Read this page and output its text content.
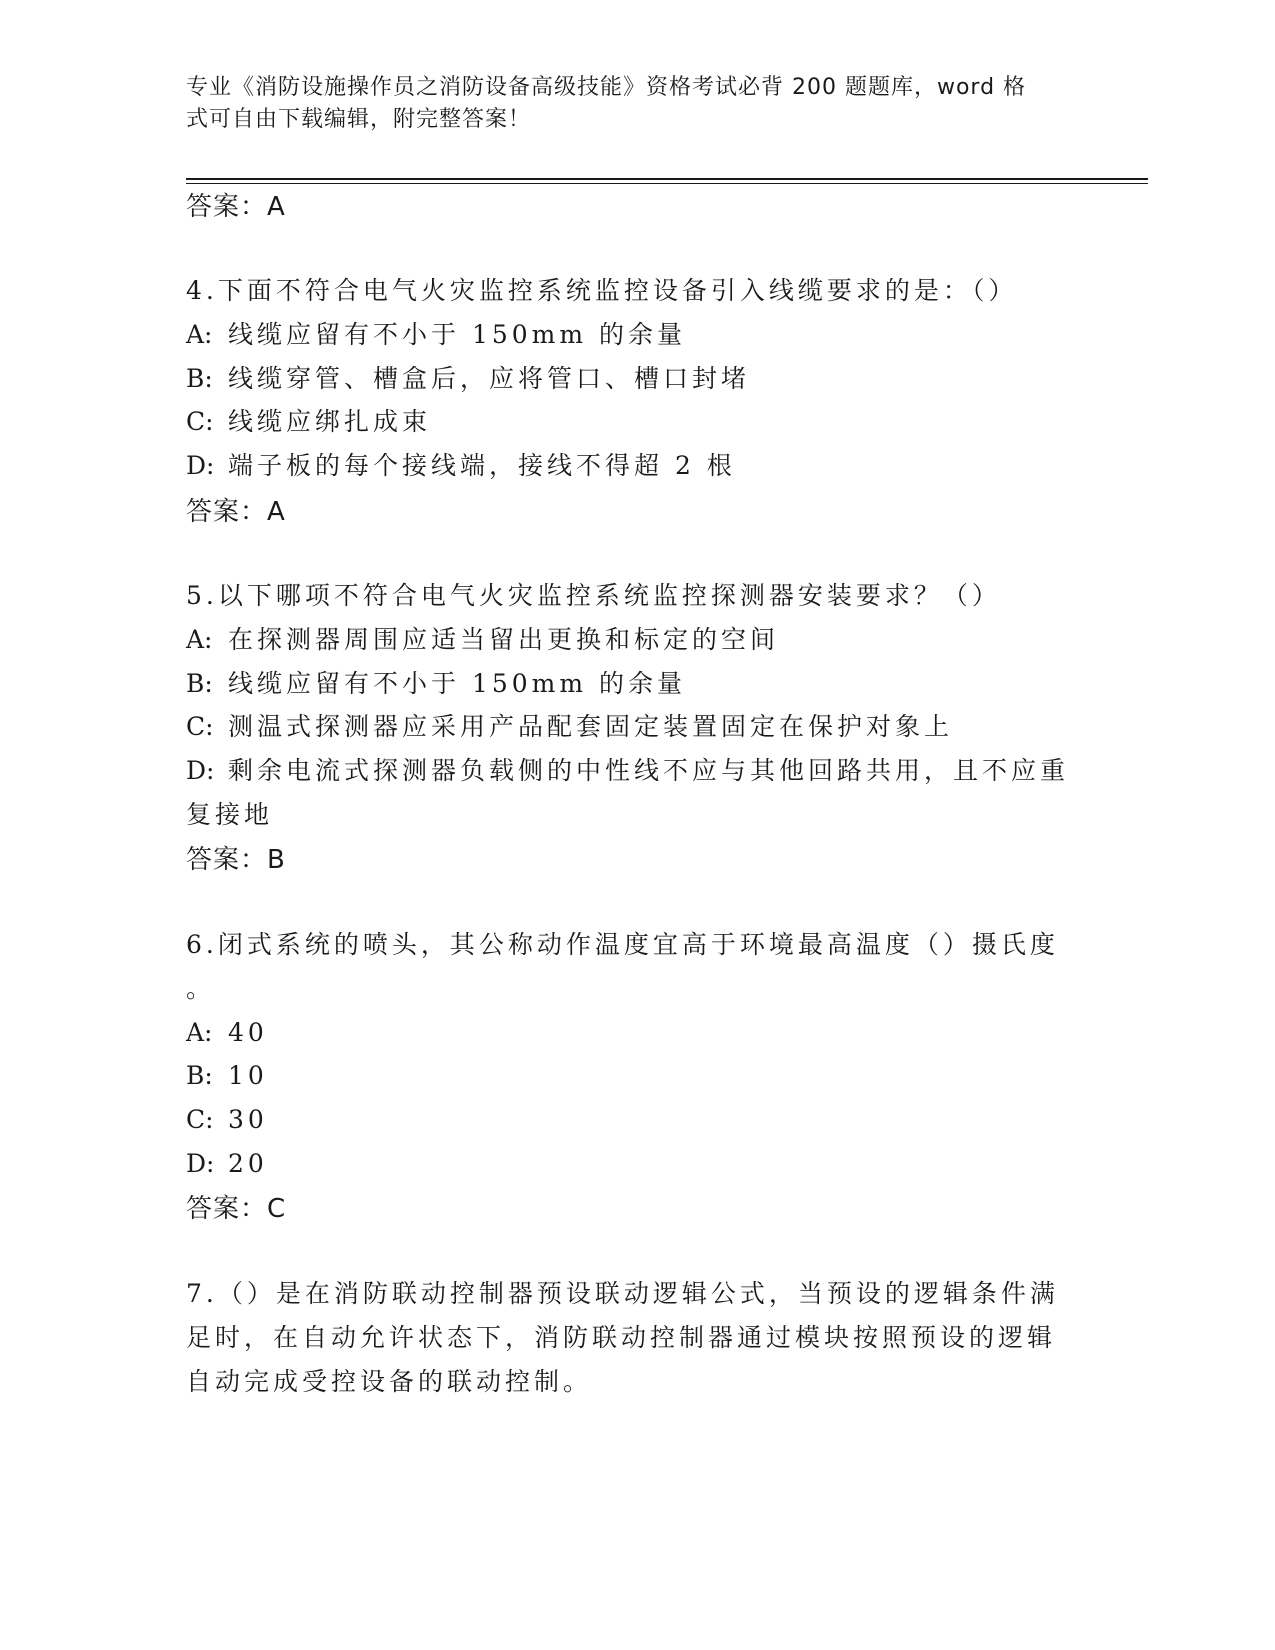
专业《消防设施操作员之消防设备高级技能》资格考试必背 200 题题库，word 格
式可自由下载编辑，附完整答案！
答案：A
4.下面不符合电气火灾监控系统监控设备引入线缆要求的是：（）
A: 线缆应留有不小于 150mm 的余量
B: 线缆穿管、槽盒后，应将管口、槽口封堵
C: 线缆应绑扎成束
D: 端子板的每个接线端，接线不得超 2 根
答案：A
5.以下哪项不符合电气火灾监控系统监控探测器安装要求？（）
A: 在探测器周围应适当留出更换和标定的空间
B: 线缆应留有不小于 150mm 的余量
C: 测温式探测器应采用产品配套固定装置固定在保护对象上
D: 剩余电流式探测器负载侧的中性线不应与其他回路共用，且不应重
复接地
答案：B
6.闭式系统的喷头，其公称动作温度宜高于环境最高温度（）摄氏度
。
A: 40
B: 10
C: 30
D: 20
答案：C
7.（）是在消防联动控制器预设联动逻辑公式，当预设的逻辑条件满
足时，在自动允许状态下，消防联动控制器通过模块按照预设的逻辑
自动完成受控设备的联动控制。
